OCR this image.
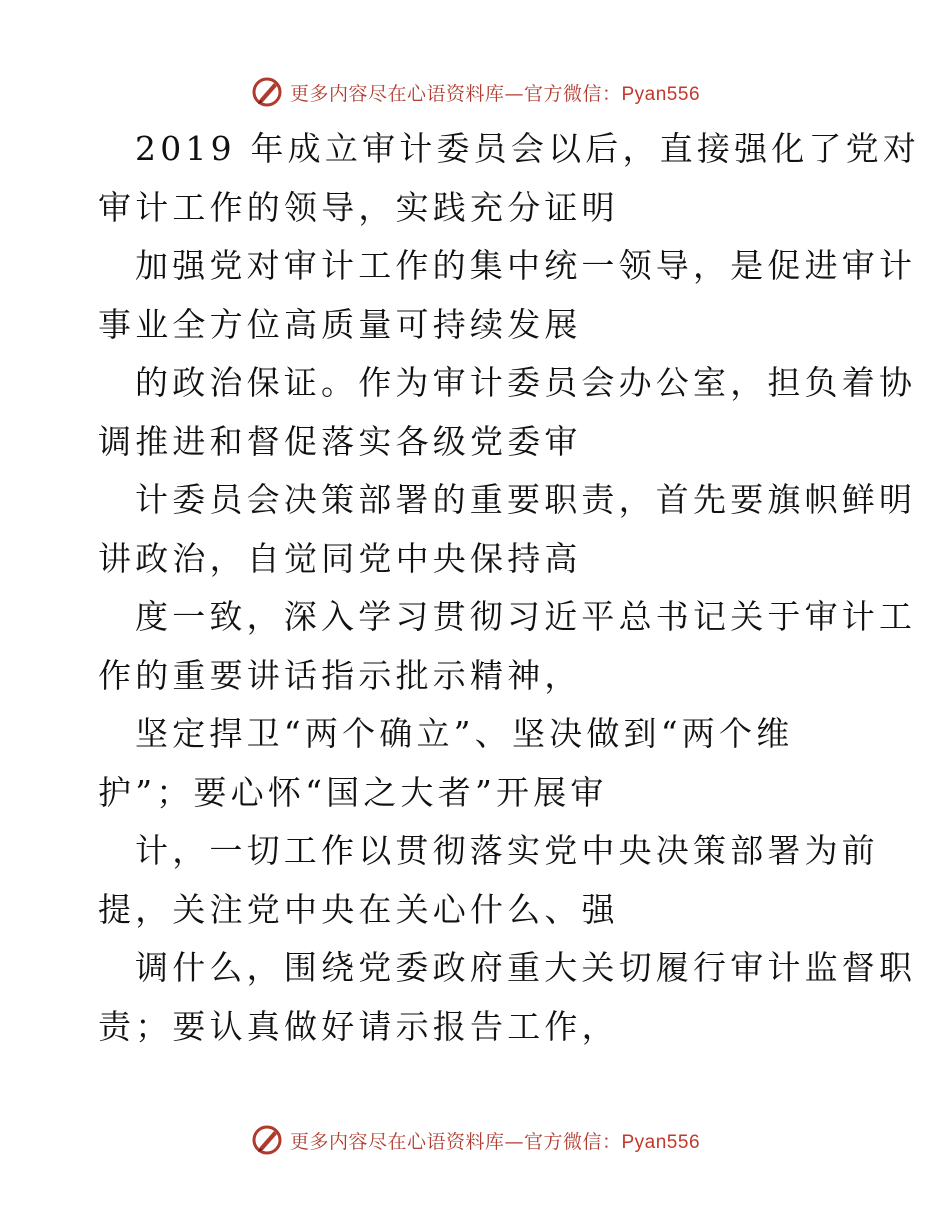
更多内容尽在心语资料库—官方微信：Pyan556
2019 年成立审计委员会以后，直接强化了党对
审计工作的领导，实践充分证明
加强党对审计工作的集中统一领导，是促进审计
事业全方位高质量可持续发展
的政治保证。作为审计委员会办公室，担负着协
调推进和督促落实各级党委审
计委员会决策部署的重要职责，首先要旗帜鲜明
讲政治，自觉同党中央保持高
度一致，深入学习贯彻习近平总书记关于审计工
作的重要讲话指示批示精神，
坚定捍卫“两个确立”、坚决做到“两个维
护”；要心怀“国之大者”开展审
计，一切工作以贯彻落实党中央决策部署为前
提，关注党中央在关心什么、强
调什么，围绕党委政府重大关切履行审计监督职
责；要认真做好请示报告工作，
更多内容尽在心语资料库—官方微信：Pyan556
